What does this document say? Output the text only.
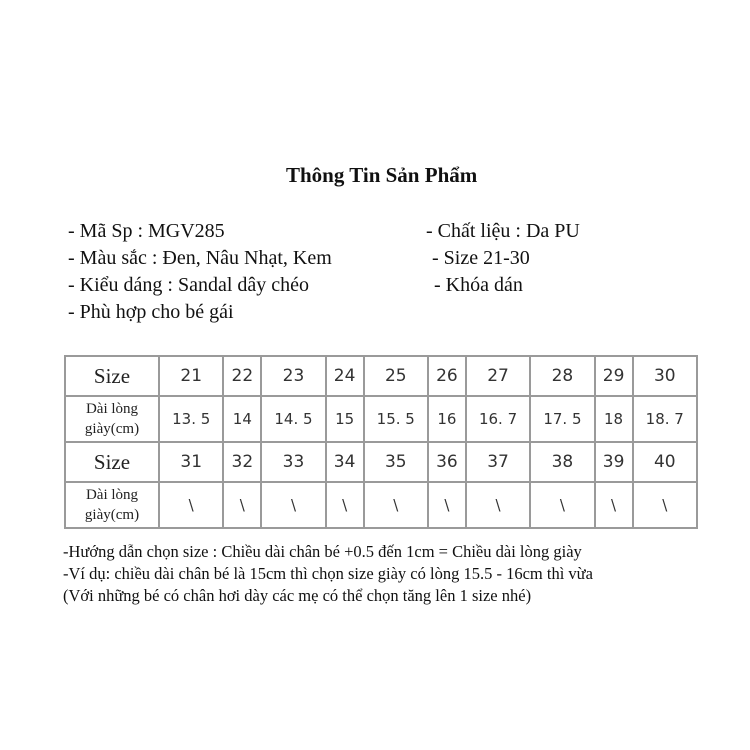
Thông Tin Sản Phẩm
- Mã Sp : MGV285
- Màu sắc : Đen, Nâu Nhạt, Kem
- Kiểu dáng : Sandal dây chéo
- Phù hợp cho bé gái
- Chất liệu : Da PU
- Size 21-30
- Khóa dán
Size	21	22	23	24	25	26	27	28	29	30
Dài lòng
giày(cm)	13. 5	14	14. 5	15	15. 5	16	16. 7	17. 5	18	18. 7
Size	31	32	33	34	35	36	37	38	39	40
Dài lòng
giày(cm)	\	\	\	\	\	\	\	\	\	\
-Hướng dẫn chọn size : Chiều dài chân bé +0.5 đến 1cm = Chiều dài lòng giày
-Ví dụ: chiều dài chân bé là 15cm thì chọn size giày có lòng 15.5 - 16cm thì vừa
(Với những bé có chân hơi dày các mẹ có thể chọn tăng lên 1 size nhé)
